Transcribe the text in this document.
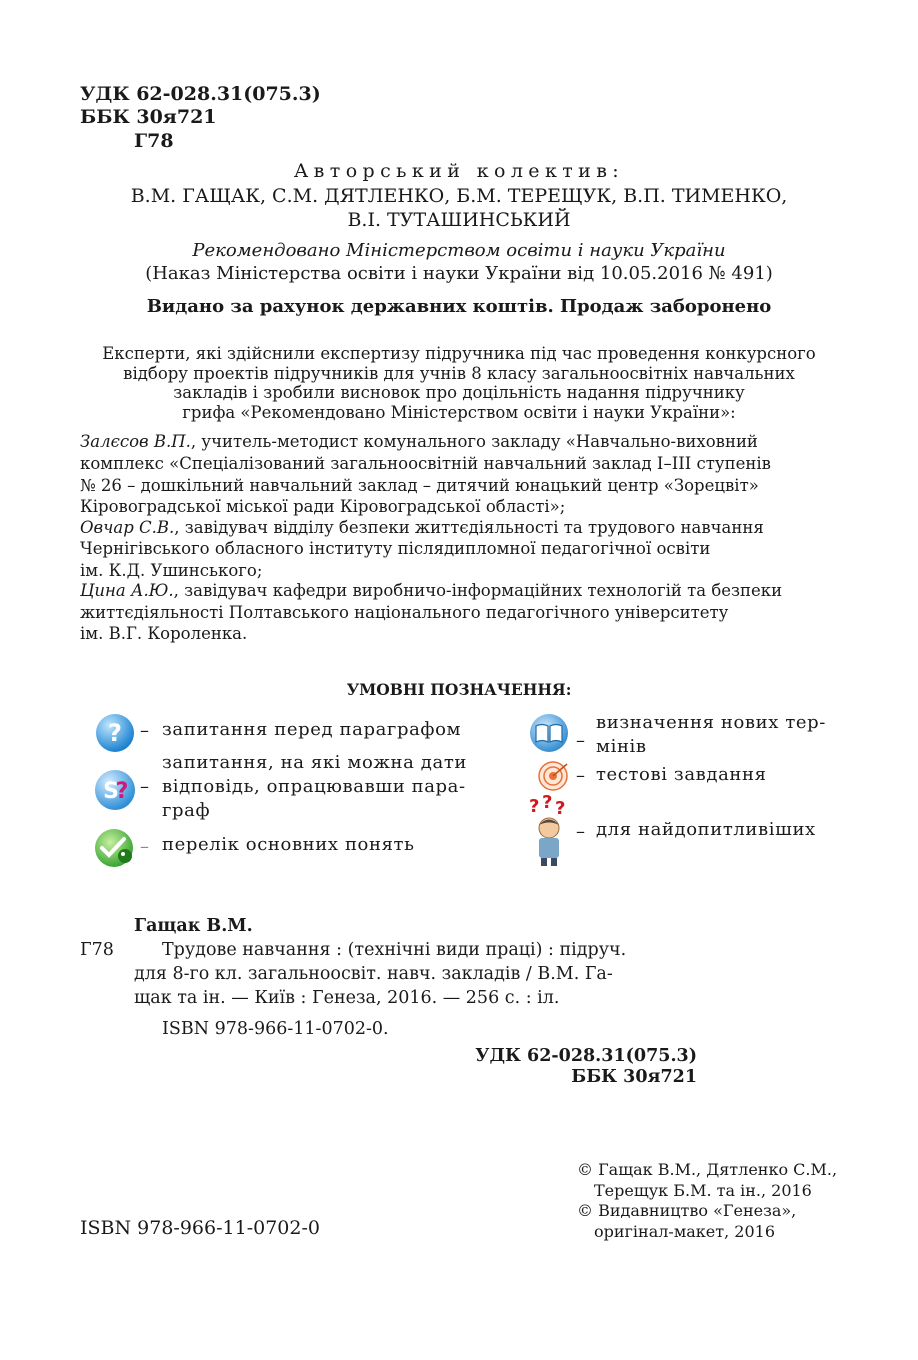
УДК 62-028.31(075.3)
ББК 30я721
Г78
Авторський колектив:
В.М. ГАЩАК, С.М. ДЯТЛЕНКО, Б.М. ТЕРЕЩУК, В.П. ТИМЕНКО,
В.І. ТУТАШИНСЬКИЙ
Рекомендовано Міністерством освіти і науки України
(Наказ Міністерства освіти і науки України від 10.05.2016 № 491)
Видано за рахунок державних коштів. Продаж заборонено
Експерти, які здійснили експертизу підручника під час проведення конкурсного
відбору проектів підручників для учнів 8 класу загальноосвітніх навчальних
закладів і зробили висновок про доцільність надання підручнику
грифа «Рекомендовано Міністерством освіти і науки України»:
Залєсов В.П., учитель-методист комунального закладу «Навчально-виховний
комплекс «Спеціалізований загальноосвітній навчальний заклад І–ІІІ ступенів
№ 26 – дошкільний навчальний заклад – дитячий юнацький центр «Зорецвіт»
Кіровоградської міської ради Кіровоградської області»;
Овчар С.В., завідувач відділу безпеки життєдіяльності та трудового навчання
Чернігівського обласного інституту післядипломної педагогічної освіти
ім. К.Д. Ушинського;
Цина А.Ю., завідувач кафедри виробничо-інформаційних технологій та безпеки
життєдіяльності Полтавського національного педагогічного університету
ім. В.Г. Короленка.
УМОВНІ ПОЗНАЧЕННЯ:
? – запитання перед параграфом
S
?
запитання, на які можна дати
– відповідь, опрацювавши пара-
граф
– перелік основних понять
–
визначення нових тер-
мінів
– тестові завдання
? ? ?
– для найдопитливіших
Гащак В.М.
Г78	Трудове навчання : (технічні види праці) : підруч.
для 8-го кл. загальноосвіт. навч. закладів / В.М. Га-
щак та ін. — Київ : Генеза, 2016. — 256 с. : іл.
ISBN 978-966-11-0702-0.
УДК 62-028.31(075.3)
ББК 30я721
© Гащак В.М., Дятленко С.М.,
Терещук Б.М. та ін., 2016
© Видавництво «Генеза»,
оригінал-макет, 2016
ISBN 978-966-11-0702-0
